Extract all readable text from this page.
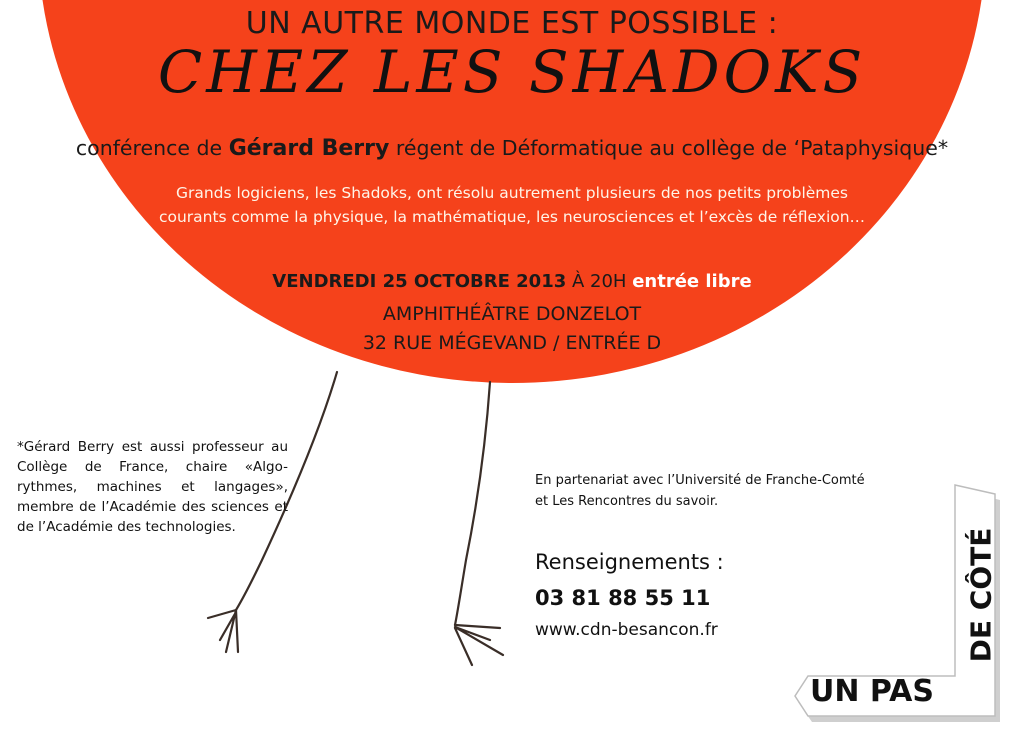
UN AUTRE MONDE EST POSSIBLE :
CHEZ LES SHADOKS
conférence de Gérard Berry régent de Déformatique au collège de ‘Pataphysique*
Grands logiciens, les Shadoks, ont résolu autrement plusieurs de nos petits problèmes
courants comme la physique, la mathématique, les neurosciences et l’excès de réflexion…
VENDREDI 25 OCTOBRE 2013 À 20H entrée libre
AMPHITHÉÂTRE DONZELOT
32 RUE MÉGEVAND / ENTRÉE D
*Gérard Berry est aussi professeur au Collège de France, chaire «Algo-rythmes, machines et langages», membre de l’Académie des sciences et de l’Académie des technologies.
En partenariat avec l’Université de Franche-Comté
et Les Rencontres du savoir.
Renseignements :
03 81 88 55 11
www.cdn-besancon.fr	DE CÔTÉ
UN PAS
